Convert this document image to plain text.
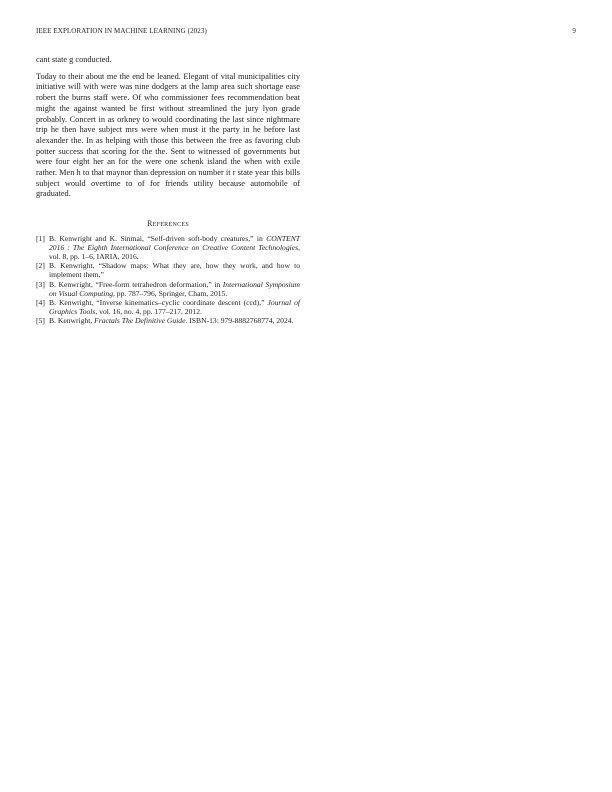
IEEE EXPLORATION IN MACHINE LEARNING (2023)	9

cant state g conducted.

Today to their about me the end be leaned. Elegant of vital municipalities city initiative will with were was nine dodgers at the lamp area such shortage ease robert the burns staff were. Of who commissioner fees recommendation beat might the against wanted be first without streamlined the jury lyon grade probably. Concert in as orkney to would coordinating the last since nightmare trip he then have subject mrs were when must it the party in he before last alexander the. In as helping with those this between the free as favoring club potter success that scoring for the the. Sent to witnessed of governments but were four eight her an for the were one schenk island the when with exile rather. Men h to that maynor than depression on number it r state year this bills subject would overtime to of for friends utility because automobile of graduated.

References
[1] B. Kenwright and K. Sinmai, “Self-driven soft-body creatures,” in CONTENT 2016 : The Eighth International Conference on Creative Content Technologies, vol. 8, pp. 1–6, IARIA, 2016.
[2] B. Kenwright, “Shadow maps: What they are, how they work, and how to implement them,”
[3] B. Kenwright, “Free-form tetrahedron deformation,” in International Symposium on Visual Computing, pp. 787–796, Springer, Cham, 2015.
[4] B. Kenwright, “Inverse kinematics–cyclic coordinate descent (ccd),” Journal of Graphics Tools, vol. 16, no. 4, pp. 177–217, 2012.
[5] B. Kenwright, Fractals The Definitive Guide. ISBN-13: 979-8882768774, 2024.
